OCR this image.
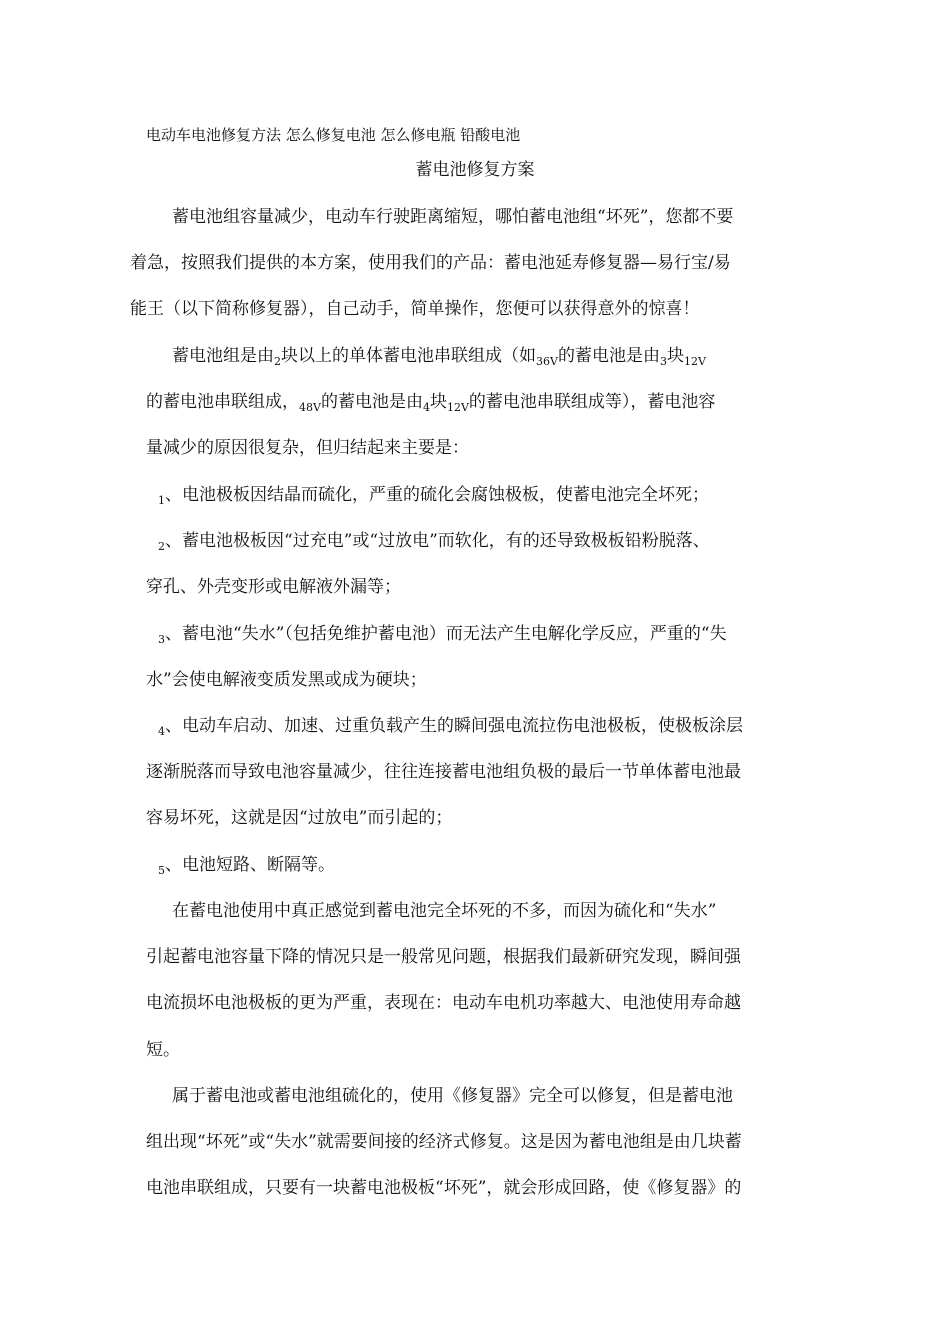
电动车电池修复方法 怎么修复电池 怎么修电瓶 铅酸电池
蓄电池修复方案
蓄电池组容量减少，电动车行驶距离缩短，哪怕蓄电池组“坏死”，您都不要
着急，按照我们提供的本方案，使用我们的产品：蓄电池延寿修复器—易行宝/易
能王（以下简称修复器），自己动手，简单操作，您便可以获得意外的惊喜！
蓄电池组是由$_2$块以上的单体蓄电池串联组成（如$_{36V}$的蓄电池是由$_3$块$_{12V}$
的蓄电池串联组成，$_{48V}$的蓄电池是由$_4$块$_{12V}$的蓄电池串联组成等），蓄电池容
量减少的原因很复杂，但归结起来主要是：
$_1$、电池极板因结晶而硫化，严重的硫化会腐蚀极板，使蓄电池完全坏死；
$_2$、蓄电池极板因“过充电”或“过放电”而软化，有的还导致极板铅粉脱落、
穿孔、外壳变形或电解液外漏等；
$_3$、蓄电池“失水”（包括免维护蓄电池）而无法产生电解化学反应，严重的“失
水”会使电解液变质发黑或成为硬块；
$_4$、电动车启动、加速、过重负载产生的瞬间强电流拉伤电池极板，使极板涂层
逐渐脱落而导致电池容量减少，往往连接蓄电池组负极的最后一节单体蓄电池最
容易坏死，这就是因“过放电”而引起的；
$_5$、电池短路、断隔等。
在蓄电池使用中真正感觉到蓄电池完全坏死的不多，而因为硫化和“失水”
引起蓄电池容量下降的情况只是一般常见问题，根据我们最新研究发现，瞬间强
电流损坏电池极板的更为严重，表现在：电动车电机功率越大、电池使用寿命越
短。
属于蓄电池或蓄电池组硫化的，使用《修复器》完全可以修复，但是蓄电池
组出现“坏死”或“失水”就需要间接的经济式修复。这是因为蓄电池组是由几块蓄
电池串联组成，只要有一块蓄电池极板“坏死”，就会形成回路，使《修复器》的
